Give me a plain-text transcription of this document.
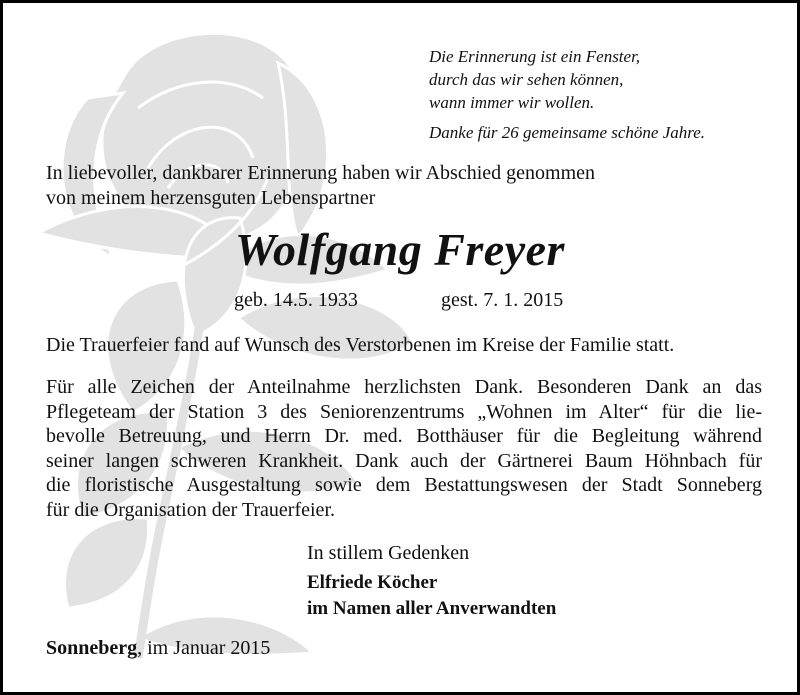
Die Erinnerung ist ein Fenster,
durch das wir sehen können,
wann immer wir wollen.
Danke für 26 gemeinsame schöne Jahre.
In liebevoller, dankbarer Erinnerung haben wir Abschied genommen
von meinem herzensguten Lebenspartner
Wolfgang Freyer
geb. 14.5. 1933	gest. 7. 1. 2015
Die Trauerfeier fand auf Wunsch des Verstorbenen im Kreise der Familie statt.
Für alle Zeichen der Anteilnahme herzlichsten Dank. Besonderen Dank an das
Pflegeteam der Station 3 des Seniorenzentrums „Wohnen im Alter“ für die lie-
bevolle Betreuung, und Herrn Dr. med. Botthäuser für die Begleitung während
seiner langen schweren Krankheit. Dank auch der Gärtnerei Baum Höhnbach für
die floristische Ausgestaltung sowie dem Bestattungswesen der Stadt Sonneberg
für die Organisation der Trauerfeier.
In stillem Gedenken
Elfriede Köcher
im Namen aller Anverwandten
Sonneberg, im Januar 2015
